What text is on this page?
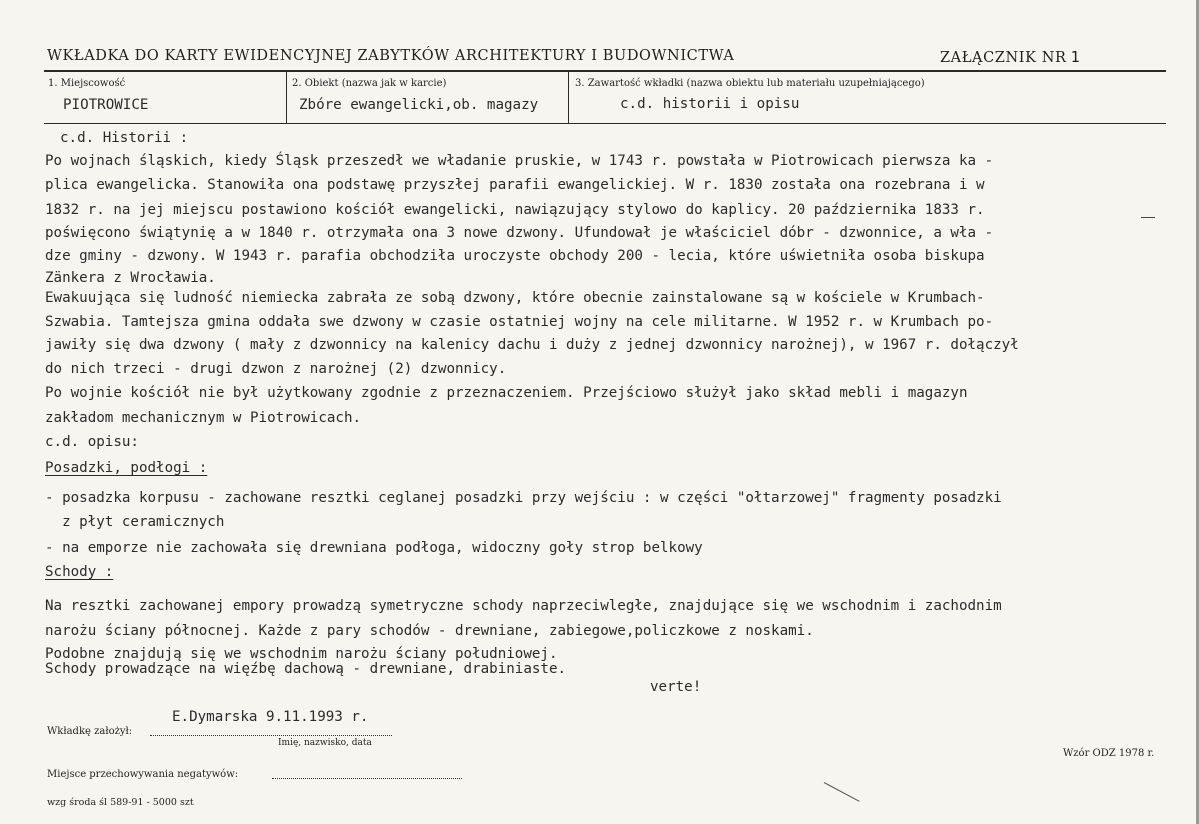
WKŁADKA DO KARTY EWIDENCYJNEJ ZABYTKÓW ARCHITEKTURY I BUDOWNICTWA	ZAŁĄCZNIK NR 1
1. Miejscowość
PIOTROWICE
2. Obiekt (nazwa jak w karcie)
Zbóre ewangelicki,ob. magazy
3. Zawartość wkładki (nazwa obiektu lub materiału uzupełniającego)
c.d. historii i opisu
c.d. Historii :
Po wojnach śląskich, kiedy Śląsk przeszedł we władanie pruskie, w 1743 r. powstała w Piotrowicach pierwsza ka -
plica ewangelicka. Stanowiła ona podstawę przyszłej parafii ewangelickiej. W r. 1830 została ona rozebrana i w
1832 r. na jej miejscu postawiono kościół ewangelicki, nawiązujący stylowo do kaplicy. 20 października 1833 r.
poświęcono świątynię a w 1840 r. otrzymała ona 3 nowe dzwony. Ufundował je właściciel dóbr - dzwonnice, a wła -
dze gminy - dzwony. W 1943 r. parafia obchodziła uroczyste obchody 200 - lecia, które uświetniła osoba biskupa
Zänkera z Wrocławia.
Ewakuująca się ludność niemiecka zabrała ze sobą dzwony, które obecnie zainstalowane są w kościele w Krumbach-
Szwabia. Tamtejsza gmina oddała swe dzwony w czasie ostatniej wojny na cele militarne. W 1952 r. w Krumbach po-
jawiły się dwa dzwony ( mały z dzwonnicy na kalenicy dachu i duży z jednej dzwonnicy narożnej), w 1967 r. dołączył
do nich trzeci - drugi dzwon z narożnej (2) dzwonnicy.
Po wojnie kościół nie był użytkowany zgodnie z przeznaczeniem. Przejściowo służył jako skład mebli i magazyn
zakładom mechanicznym w Piotrowicach.
c.d. opisu:
Posadzki, podłogi :
- posadzka korpusu - zachowane resztki ceglanej posadzki przy wejściu : w części "ołtarzowej" fragmenty posadzki
z płyt ceramicznych
- na emporze nie zachowała się drewniana podłoga, widoczny goły strop belkowy
Schody :
Na resztki zachowanej empory prowadzą symetryczne schody naprzeciwległe, znajdujące się we wschodnim i zachodnim
narożu ściany północnej. Każde z pary schodów - drewniane, zabiegowe,policzkowe z noskami.
Podobne znajdują się we wschodnim narożu ściany południowej.
Schody prowadzące na więźbę dachową - drewniane, drabiniaste.
verte!
E.Dymarska 9.11.1993 r.
Wkładkę założył:
Imię, nazwisko, data
Wzór ODZ 1978 r.
Miejsce przechowywania negatywów:
wzg środa śl 589-91 - 5000 szt
